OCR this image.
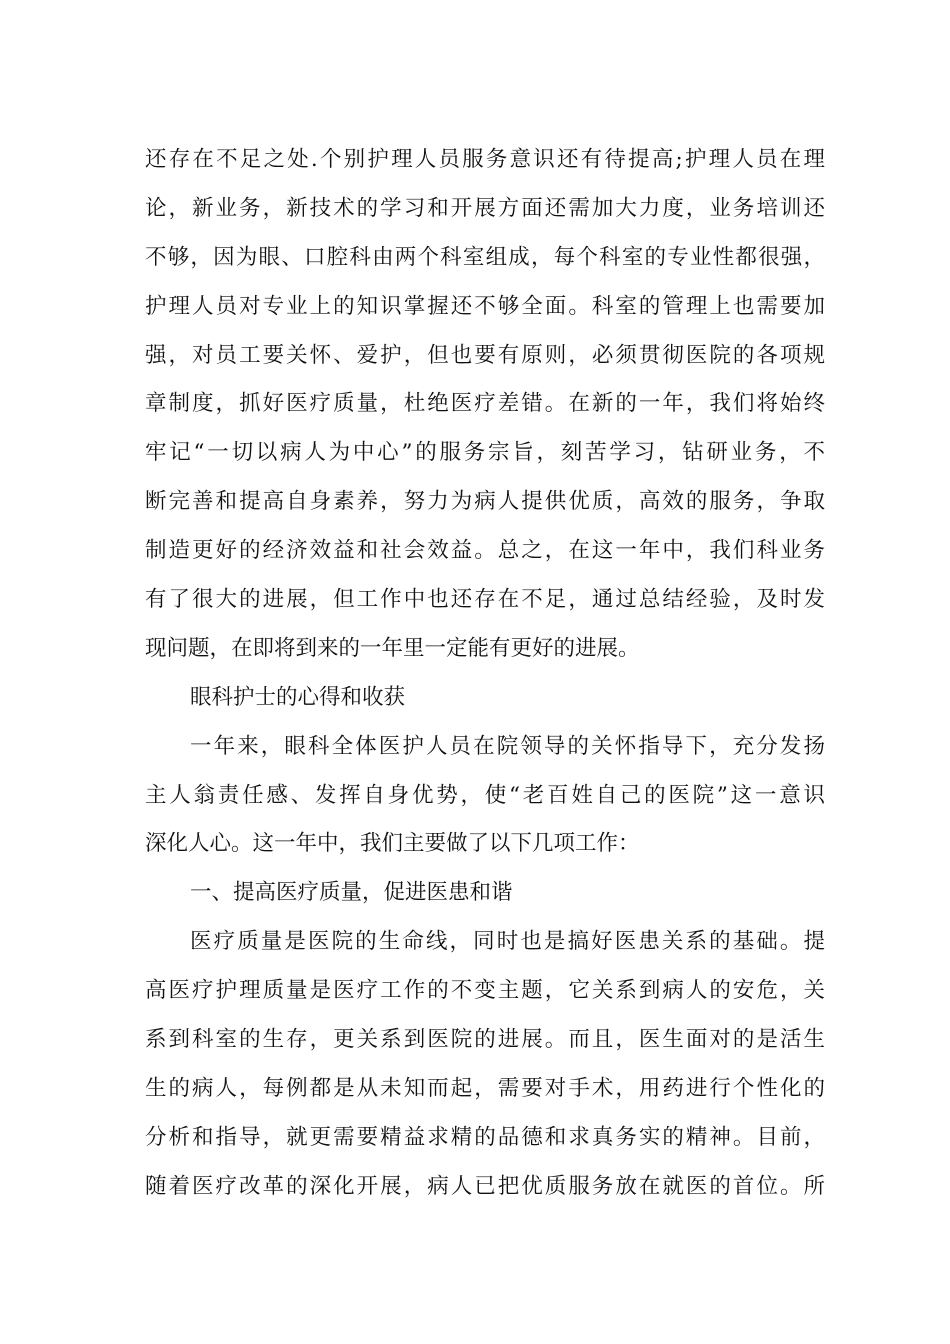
还存在不足之处.个别护理人员服务意识还有待提高;护理人员在理
论，新业务，新技术的学习和开展方面还需加大力度，业务培训还
不够，因为眼、口腔科由两个科室组成，每个科室的专业性都很强，
护理人员对专业上的知识掌握还不够全面。科室的管理上也需要加
强，对员工要关怀、爱护，但也要有原则，必须贯彻医院的各项规
章制度，抓好医疗质量，杜绝医疗差错。在新的一年，我们将始终
牢记“一切以病人为中心”的服务宗旨，刻苦学习，钻研业务，不
断完善和提高自身素养，努力为病人提供优质，高效的服务，争取
制造更好的经济效益和社会效益。总之，在这一年中，我们科业务
有了很大的进展，但工作中也还存在不足，通过总结经验，及时发
现问题，在即将到来的一年里一定能有更好的进展。
眼科护士的心得和收获
一年来，眼科全体医护人员在院领导的关怀指导下，充分发扬
主人翁责任感、发挥自身优势，使“老百姓自己的医院”这一意识
深化人心。这一年中，我们主要做了以下几项工作：
一、提高医疗质量，促进医患和谐
医疗质量是医院的生命线，同时也是搞好医患关系的基础。提
高医疗护理质量是医疗工作的不变主题，它关系到病人的安危，关
系到科室的生存，更关系到医院的进展。而且，医生面对的是活生
生的病人，每例都是从未知而起，需要对手术，用药进行个性化的
分析和指导，就更需要精益求精的品德和求真务实的精神。目前，
随着医疗改革的深化开展，病人已把优质服务放在就医的首位。所
